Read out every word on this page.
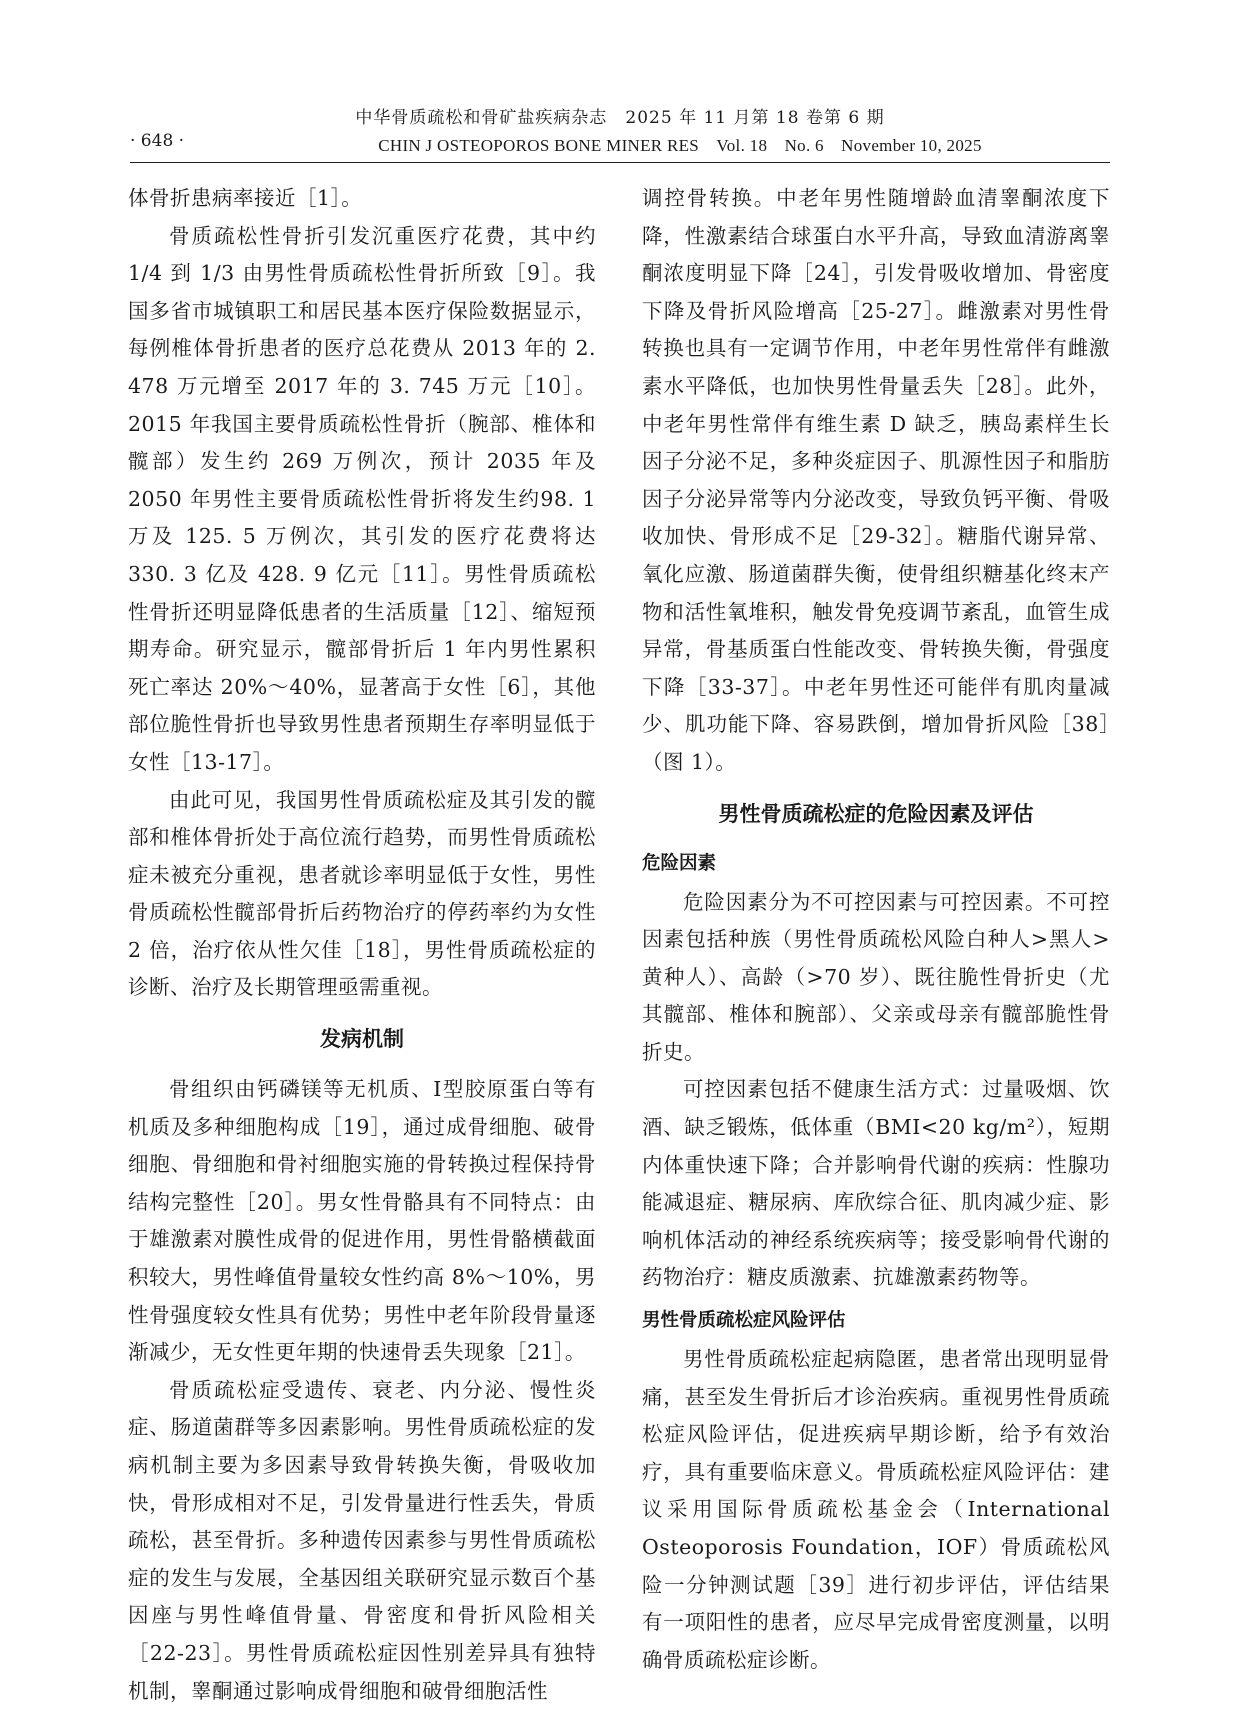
中华骨质疏松和骨矿盐疾病杂志　2025 年 11 月第 18 卷第 6 期
· 648 ·	CHIN J OSTEOPOROS BONE MINER RES　Vol. 18　No. 6　November 10, 2025

体骨折患病率接近［1］。

骨质疏松性骨折引发沉重医疗花费，其中约 1/4 到 1/3 由男性骨质疏松性骨折所致［9］。我国多省市城镇职工和居民基本医疗保险数据显示，每例椎体骨折患者的医疗总花费从 2013 年的 2. 478 万元增至 2017 年的 3. 745 万元［10］。2015 年我国主要骨质疏松性骨折（腕部、椎体和髋部）发生约 269 万例次，预计 2035 年及 2050 年男性主要骨质疏松性骨折将发生约98. 1 万及 125. 5 万例次，其引发的医疗花费将达 330. 3 亿及 428. 9 亿元［11］。男性骨质疏松性骨折还明显降低患者的生活质量［12］、缩短预期寿命。研究显示，髋部骨折后 1 年内男性累积死亡率达 20%～40%，显著高于女性［6］，其他部位脆性骨折也导致男性患者预期生存率明显低于女性［13-17］。

由此可见，我国男性骨质疏松症及其引发的髋部和椎体骨折处于高位流行趋势，而男性骨质疏松症未被充分重视，患者就诊率明显低于女性，男性骨质疏松性髋部骨折后药物治疗的停药率约为女性 2 倍，治疗依从性欠佳［18］，男性骨质疏松症的诊断、治疗及长期管理亟需重视。

发病机制

骨组织由钙磷镁等无机质、Ⅰ型胶原蛋白等有机质及多种细胞构成［19］，通过成骨细胞、破骨细胞、骨细胞和骨衬细胞实施的骨转换过程保持骨结构完整性［20］。男女性骨骼具有不同特点：由于雄激素对膜性成骨的促进作用，男性骨骼横截面积较大，男性峰值骨量较女性约高 8%～10%，男性骨强度较女性具有优势；男性中老年阶段骨量逐渐减少，无女性更年期的快速骨丢失现象［21］。

骨质疏松症受遗传、衰老、内分泌、慢性炎症、肠道菌群等多因素影响。男性骨质疏松症的发病机制主要为多因素导致骨转换失衡，骨吸收加快，骨形成相对不足，引发骨量进行性丢失，骨质疏松，甚至骨折。多种遗传因素参与男性骨质疏松症的发生与发展，全基因组关联研究显示数百个基因座与男性峰值骨量、骨密度和骨折风险相关［22-23］。男性骨质疏松症因性别差异具有独特机制，睾酮通过影响成骨细胞和破骨细胞活性

调控骨转换。中老年男性随增龄血清睾酮浓度下降，性激素结合球蛋白水平升高，导致血清游离睾酮浓度明显下降［24］，引发骨吸收增加、骨密度下降及骨折风险增高［25-27］。雌激素对男性骨转换也具有一定调节作用，中老年男性常伴有雌激素水平降低，也加快男性骨量丢失［28］。此外，中老年男性常伴有维生素 D 缺乏，胰岛素样生长因子分泌不足，多种炎症因子、肌源性因子和脂肪因子分泌异常等内分泌改变，导致负钙平衡、骨吸收加快、骨形成不足［29-32］。糖脂代谢异常、氧化应激、肠道菌群失衡，使骨组织糖基化终末产物和活性氧堆积，触发骨免疫调节紊乱，血管生成异常，骨基质蛋白性能改变、骨转换失衡，骨强度下降［33-37］。中老年男性还可能伴有肌肉量减少、肌功能下降、容易跌倒，增加骨折风险［38］（图 1）。

男性骨质疏松症的危险因素及评估
危险因素

危险因素分为不可控因素与可控因素。不可控因素包括种族（男性骨质疏松风险白种人>黑人>黄种人）、高龄（>70 岁）、既往脆性骨折史（尤其髋部、椎体和腕部）、父亲或母亲有髋部脆性骨折史。

可控因素包括不健康生活方式：过量吸烟、饮酒、缺乏锻炼，低体重（BMI<20 kg/m²），短期内体重快速下降；合并影响骨代谢的疾病：性腺功能减退症、糖尿病、库欣综合征、肌肉减少症、影响机体活动的神经系统疾病等；接受影响骨代谢的药物治疗：糖皮质激素、抗雄激素药物等。

男性骨质疏松症风险评估

男性骨质疏松症起病隐匿，患者常出现明显骨痛，甚至发生骨折后才诊治疾病。重视男性骨质疏松症风险评估，促进疾病早期诊断，给予有效治疗，具有重要临床意义。骨质疏松症风险评估：建议采用国际骨质疏松基金会（International Osteoporosis Foundation，IOF）骨质疏松风险一分钟测试题［39］进行初步评估，评估结果有一项阳性的患者，应尽早完成骨密度测量，以明确骨质疏松症诊断。
